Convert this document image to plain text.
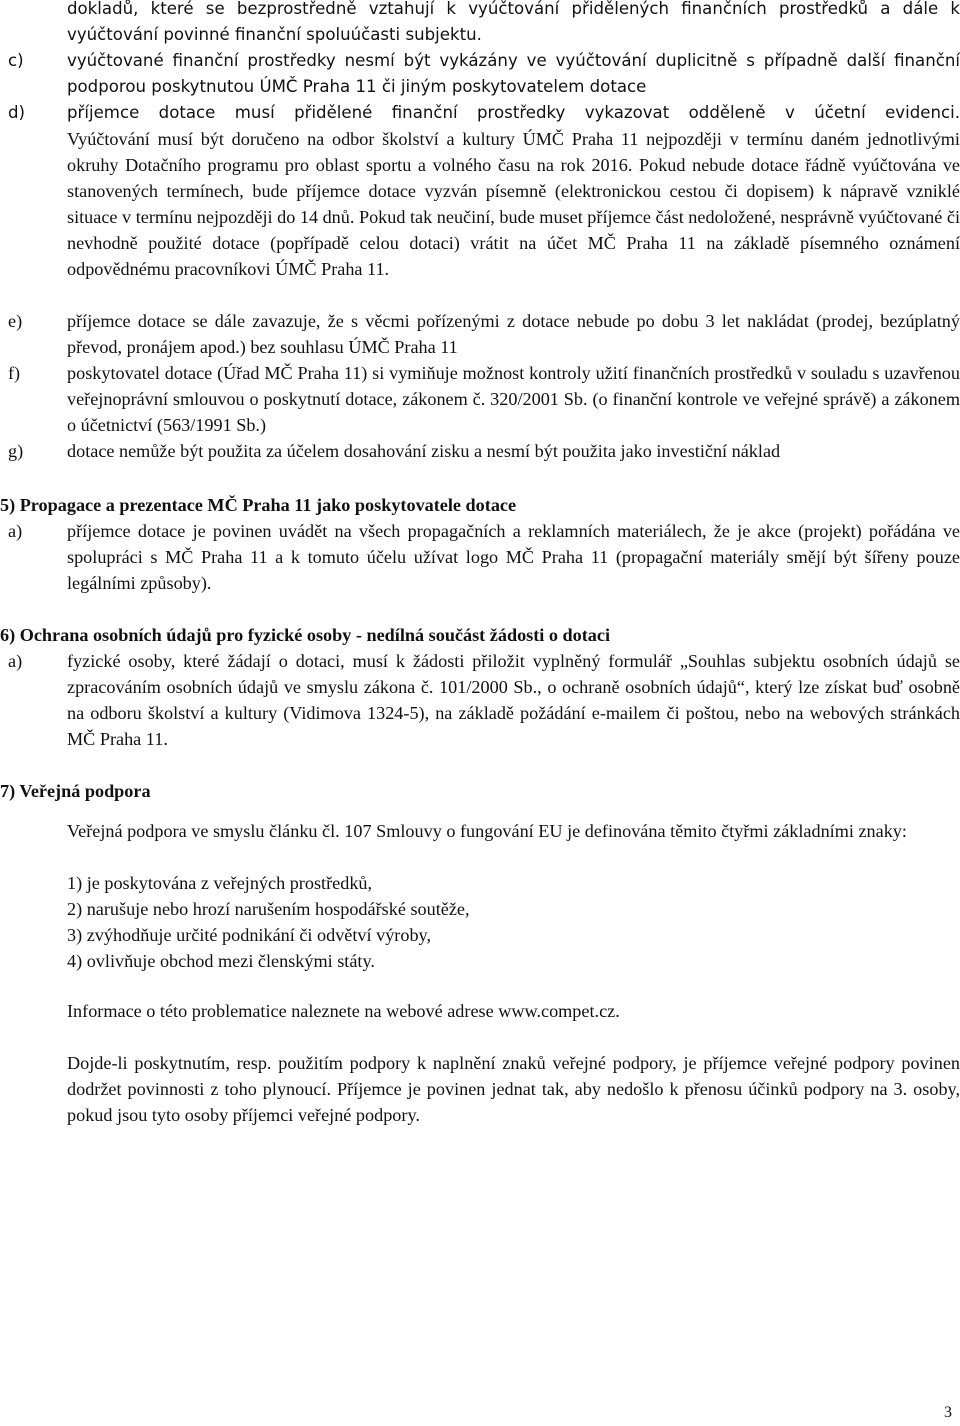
dokladů, které se bezprostředně vztahují k vyúčtování přidělených finančních prostředků a dále k
vyúčtování povinné finanční spoluúčasti subjektu.
c)	vyúčtované finanční prostředky nesmí být vykázány ve vyúčtování duplicitně s případně další finanční podporou poskytnutou ÚMČ Praha 11 či jiným poskytovatelem dotace
d)	příjemce dotace musí přidělené finanční prostředky vykazovat odděleně v účetní evidenci.
Vyúčtování musí být doručeno na odbor školství a kultury ÚMČ Praha 11 nejpozději v termínu daném jednotlivými okruhy Dotačního programu pro oblast sportu a volného času na rok 2016. Pokud nebude dotace řádně vyúčtována ve stanovených termínech, bude příjemce dotace vyzván písemně (elektronickou cestou či dopisem) k nápravě vzniklé situace v termínu nejpozději do 14 dnů. Pokud tak neučiní, bude muset příjemce část nedoložené, nesprávně vyúčtované či nevhodně použité dotace (popřípadě celou dotaci) vrátit na účet MČ Praha 11 na základě písemného oznámení odpovědnému pracovníkovi ÚMČ Praha 11.
e) příjemce dotace se dále zavazuje, že s věcmi pořízenými z dotace nebude po dobu 3 let nakládat (prodej, bezúplatný převod, pronájem apod.) bez souhlasu ÚMČ Praha 11
f)	poskytovatel dotace (Úřad MČ Praha 11) si vymiňuje možnost kontroly užití finančních prostředků v souladu s uzavřenou veřejnoprávní smlouvou o poskytnutí dotace, zákonem č. 320/2001 Sb. (o finanční kontrole ve veřejné správě) a zákonem o účetnictví (563/1991 Sb.)
g) dotace nemůže být použita za účelem dosahování zisku a nesmí být použita jako investiční náklad
5) Propagace a prezentace MČ Praha 11 jako poskytovatele dotace
a) příjemce dotace je povinen uvádět na všech propagačních a reklamních materiálech, že je akce (projekt) pořádána ve spolupráci s MČ Praha 11 a k tomuto účelu užívat logo MČ Praha 11 (propagační materiály smějí být šířeny pouze legálními způsoby).
6) Ochrana osobních údajů pro fyzické osoby - nedílná součást žádosti o dotaci
a) fyzické osoby, které žádají o dotaci, musí k žádosti přiložit vyplněný formulář „Souhlas subjektu osobních údajů se zpracováním osobních údajů ve smyslu zákona č. 101/2000 Sb., o ochraně osobních údajů“, který lze získat buď osobně na odboru školství a kultury (Vidimova 1324-5), na základě požádání e-mailem či poštou, nebo na webových stránkách MČ Praha 11.
7) Veřejná podpora
Veřejná podpora ve smyslu článku čl. 107 Smlouvy o fungování EU je definována těmito čtyřmi základními znaky:
1) je poskytována z veřejných prostředků,
2) narušuje nebo hrozí narušením hospodářské soutěže,
3) zvýhodňuje určité podnikání či odvětví výroby,
4) ovlivňuje obchod mezi členskými státy.
Informace o této problematice naleznete na webové adrese www.compet.cz.
Dojde-li poskytnutím, resp. použitím podpory k naplnění znaků veřejné podpory, je příjemce veřejné podpory povinen dodržet povinnosti z toho plynoucí. Příjemce je povinen jednat tak, aby nedošlo k přenosu účinků podpory na 3. osoby, pokud jsou tyto osoby příjemci veřejné podpory.
3
